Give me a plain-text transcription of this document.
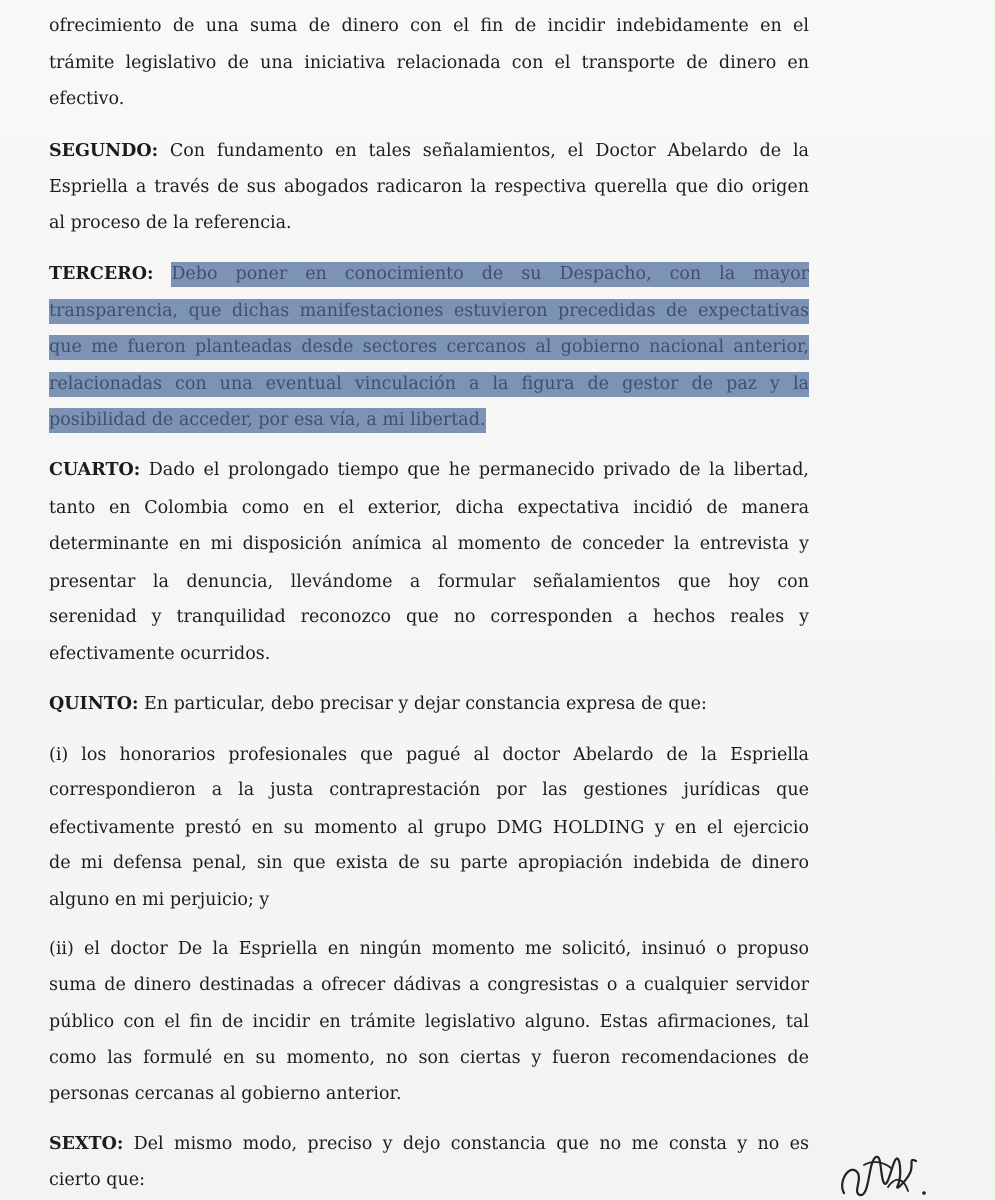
ofrecimiento de una suma de dinero con el fin de incidir indebidamente en el
trámite legislativo de una iniciativa relacionada con el transporte de dinero en
efectivo.
SEGUNDO: Con fundamento en tales señalamientos, el Doctor Abelardo de la
Espriella a través de sus abogados radicaron la respectiva querella que dio origen
al proceso de la referencia.
TERCERO: Debo poner en conocimiento de su Despacho, con la mayor
transparencia, que dichas manifestaciones estuvieron precedidas de expectativas
que me fueron planteadas desde sectores cercanos al gobierno nacional anterior,
relacionadas con una eventual vinculación a la figura de gestor de paz y la
posibilidad de acceder, por esa vía, a mi libertad.
CUARTO: Dado el prolongado tiempo que he permanecido privado de la libertad,
tanto en Colombia como en el exterior, dicha expectativa incidió de manera
determinante en mi disposición anímica al momento de conceder la entrevista y
presentar la denuncia, llevándome a formular señalamientos que hoy con
serenidad y tranquilidad reconozco que no corresponden a hechos reales y
efectivamente ocurridos.
QUINTO: En particular, debo precisar y dejar constancia expresa de que:
(i) los honorarios profesionales que pagué al doctor Abelardo de la Espriella
correspondieron a la justa contraprestación por las gestiones jurídicas que
efectivamente prestó en su momento al grupo DMG HOLDING y en el ejercicio
de mi defensa penal, sin que exista de su parte apropiación indebida de dinero
alguno en mi perjuicio; y
(ii) el doctor De la Espriella en ningún momento me solicitó, insinuó o propuso
suma de dinero destinadas a ofrecer dádivas a congresistas o a cualquier servidor
público con el fin de incidir en trámite legislativo alguno. Estas afirmaciones, tal
como las formulé en su momento, no son ciertas y fueron recomendaciones de
personas cercanas al gobierno anterior.
SEXTO: Del mismo modo, preciso y dejo constancia que no me consta y no es
cierto que:
